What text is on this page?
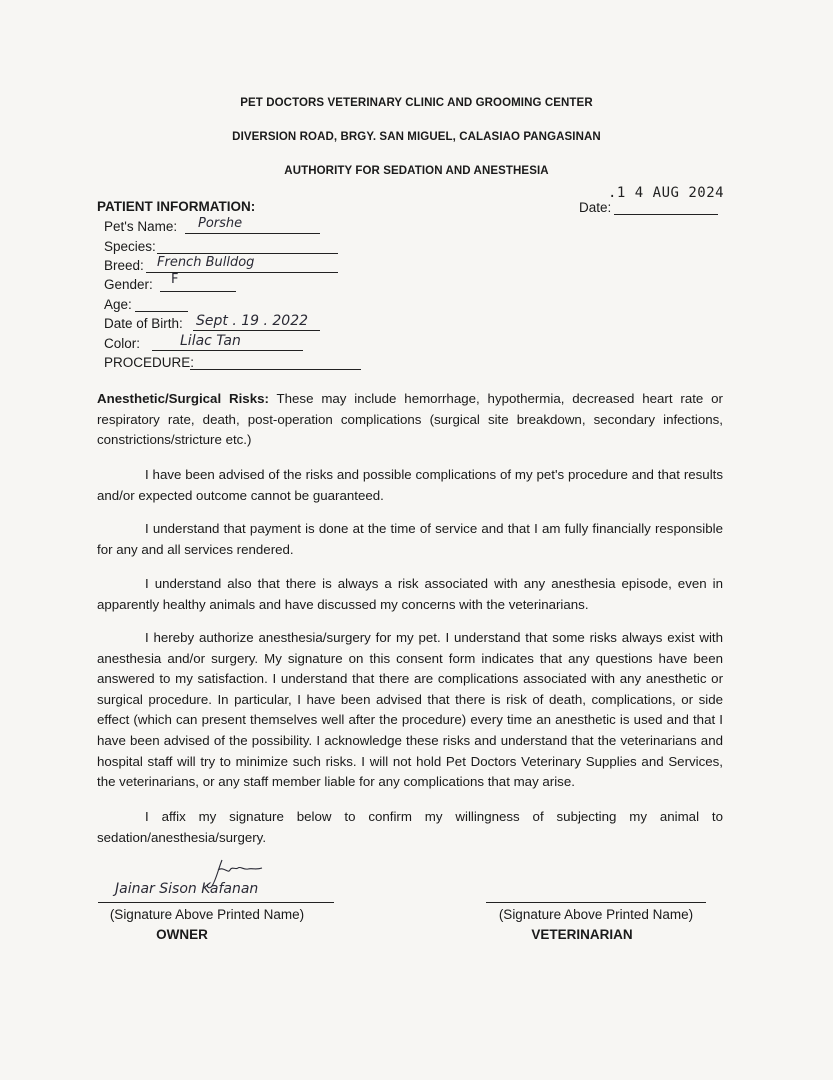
PET DOCTORS VETERINARY CLINIC AND GROOMING CENTER
DIVERSION ROAD, BRGY. SAN MIGUEL, CALASIAO PANGASINAN
AUTHORITY FOR SEDATION AND ANESTHESIA
.1 4 AUG 2024
Date:
PATIENT INFORMATION:
Pet's Name: Porshe
Species:
Breed: French Bulldog
Gender: F
Age:
Date of Birth: Sept . 19 . 2022
Color:	Lilac Tan
PROCEDURE:
Anesthetic/Surgical Risks: These may include hemorrhage, hypothermia, decreased heart rate or respiratory rate, death, post-operation complications (surgical site breakdown, secondary infections, constrictions/stricture etc.)
I have been advised of the risks and possible complications of my pet's procedure and that results and/or expected outcome cannot be guaranteed.
I understand that payment is done at the time of service and that I am fully financially responsible for any and all services rendered.
I understand also that there is always a risk associated with any anesthesia episode, even in apparently healthy animals and have discussed my concerns with the veterinarians.
I hereby authorize anesthesia/surgery for my pet. I understand that some risks always exist with anesthesia and/or surgery. My signature on this consent form indicates that any questions have been answered to my satisfaction. I understand that there are complications associated with any anesthetic or surgical procedure. In particular, I have been advised that there is risk of death, complications, or side effect (which can present themselves well after the procedure) every time an anesthetic is used and that I have been advised of the possibility. I acknowledge these risks and understand that the veterinarians and hospital staff will try to minimize such risks. I will not hold Pet Doctors Veterinary Supplies and Services, the veterinarians, or any staff member liable for any complications that may arise.
I affix my signature below to confirm my willingness of subjecting my animal to sedation/anesthesia/surgery.
Jainar Sison Kafanan
(Signature Above Printed Name)
OWNER
(Signature Above Printed Name)
VETERINARIAN
